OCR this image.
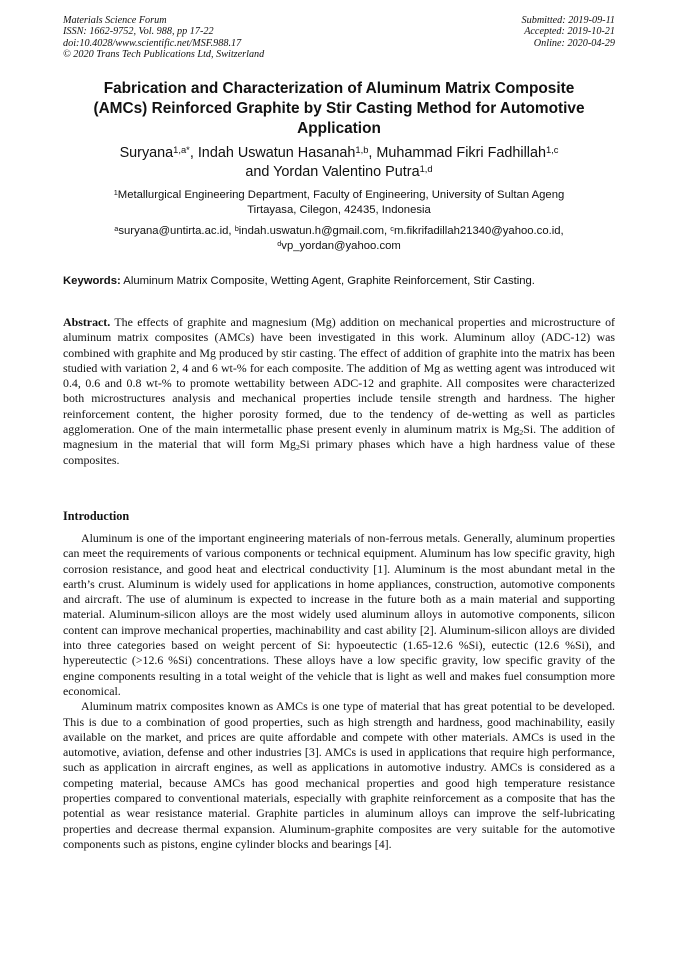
Materials Science Forum
ISSN: 1662-9752, Vol. 988, pp 17-22
doi:10.4028/www.scientific.net/MSF.988.17
© 2020 Trans Tech Publications Ltd, Switzerland
Submitted: 2019-09-11
Accepted: 2019-10-21
Online: 2020-04-29
Fabrication and Characterization of Aluminum Matrix Composite
(AMCs) Reinforced Graphite by Stir Casting Method for Automotive
Application
Suryana$^{1,a*}$, Indah Uswatun Hasanah$^{1,b}$, Muhammad Fikri Fadhillah$^{1,c}$
and Yordan Valentino Putra$^{1,d}$
$^1$Metallurgical Engineering Department, Faculty of Engineering, University of Sultan Ageng
Tirtayasa, Cilegon, 42435, Indonesia
$^a$suryana@untirta.ac.id, $^b$indah.uswatun.h@gmail.com, $^c$m.fikrifadillah21340@yahoo.co.id,
$^d$vp_yordan@yahoo.com
Keywords: Aluminum Matrix Composite, Wetting Agent, Graphite Reinforcement, Stir Casting.
Abstract. The effects of graphite and magnesium (Mg) addition on mechanical properties and microstructure of aluminum matrix composites (AMCs) have been investigated in this work. Aluminum alloy (ADC-12) was combined with graphite and Mg produced by stir casting. The effect of addition of graphite into the matrix has been studied with variation 2, 4 and 6 wt-% for each composite. The addition of Mg as wetting agent was introduced wit 0.4, 0.6 and 0.8 wt-% to promote wettability between ADC-12 and graphite. All composites were characterized both microstructures analysis and mechanical properties include tensile strength and hardness. The higher reinforcement content, the higher porosity formed, due to the tendency of de-wetting as well as particles agglomeration. One of the main intermetallic phase present evenly in aluminum matrix is $Mg_2Si$. The addition of magnesium in the material that will form $Mg_2Si$ primary phases which have a high hardness value of these composites.
Introduction

Aluminum is one of the important engineering materials of non-ferrous metals. Generally, aluminum properties can meet the requirements of various components or technical equipment. Aluminum has low specific gravity, high corrosion resistance, and good heat and electrical conductivity [1]. Aluminum is the most abundant metal in the earth’s crust. Aluminum is widely used for applications in home appliances, construction, automotive components and aircraft. The use of aluminum is expected to increase in the future both as a main material and supporting material. Aluminum-silicon alloys are the most widely used aluminum alloys in automotive components, silicon content can improve mechanical properties, machinability and cast ability [2]. Aluminum-silicon alloys are divided into three categories based on weight percent of Si: hypoeutectic (1.65-12.6 %Si), eutectic (12.6 %Si), and hypereutectic (>12.6 %Si) concentrations. These alloys have a low specific gravity, low specific gravity of the engine components resulting in a total weight of the vehicle that is light as well and makes fuel consumption more economical.

Aluminum matrix composites known as AMCs is one type of material that has great potential to be developed. This is due to a combination of good properties, such as high strength and hardness, good machinability, easily available on the market, and prices are quite affordable and compete with other materials. AMCs is used in the automotive, aviation, defense and other industries [3]. AMCs is used in applications that require high performance, such as application in aircraft engines, as well as applications in automotive industry. AMCs is considered as a competing material, because AMCs has good mechanical properties and good high temperature resistance properties compared to conventional materials, especially with graphite reinforcement as a composite that has the potential as wear resistance material. Graphite particles in aluminum alloys can improve the self-lubricating properties and decrease thermal expansion. Aluminum-graphite composites are very suitable for the automotive components such as pistons, engine cylinder blocks and bearings [4].
